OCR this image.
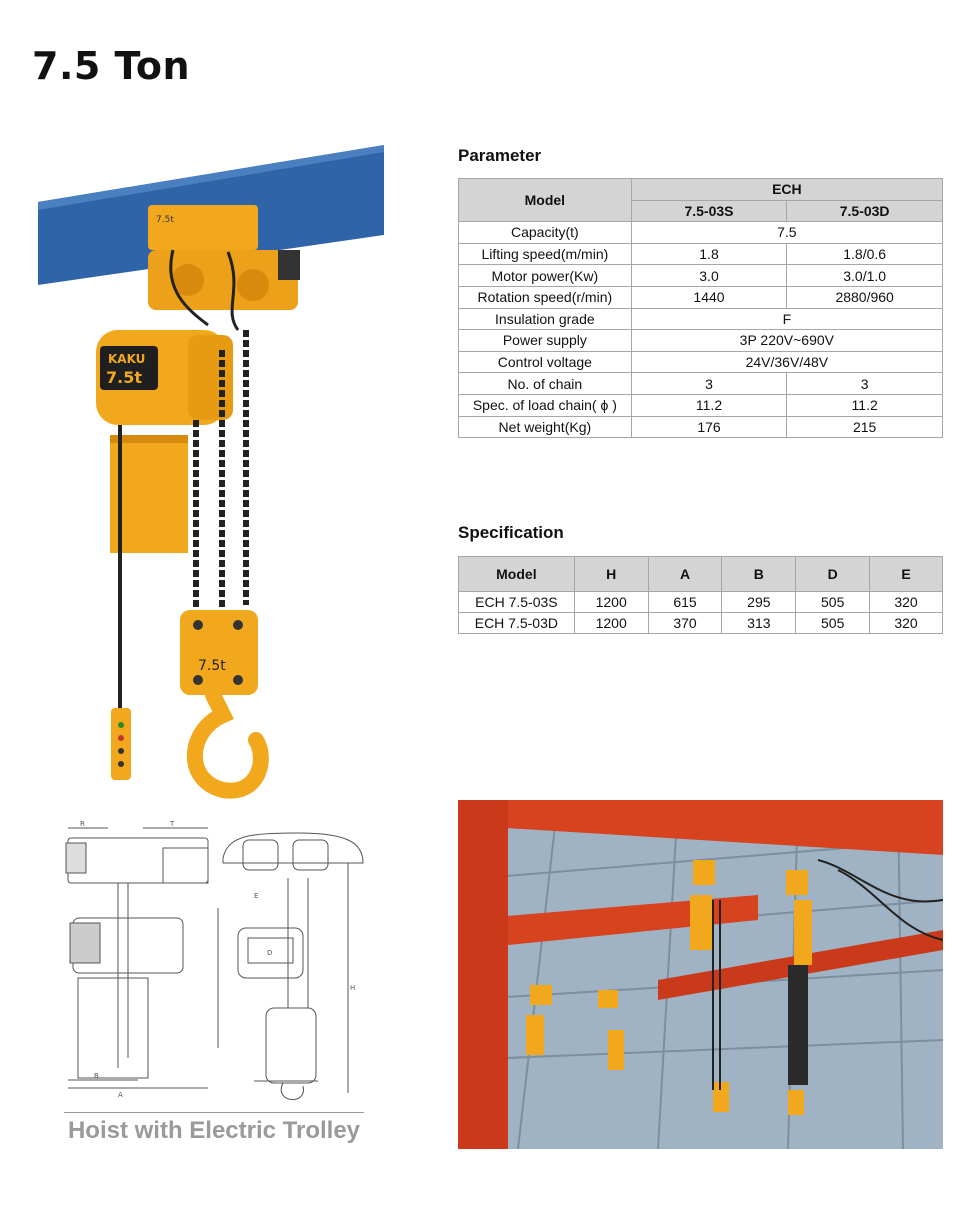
7.5 Ton
7.5t
KAKU
7.5t
7.5t
R	T
B
A
E
D
H
Hoist with Electric Trolley
Parameter
Model	ECH	
	7.5-03S	7.5-03D
Capacity(t)	7.5	
Lifting speed(m/min)	1.8	1.8/0.6
Motor power(Kw)	3.0	3.0/1.0
Rotation speed(r/min)	1440	2880/960
Insulation grade	F	
Power supply	3P 220V~690V	
Control voltage	24V/36V/48V	
No. of chain	3	3
Spec. of load chain( ϕ )	11.2	11.2
Net weight(Kg)	176	215
Specification
Model	H	A	B	D	E
ECH 7.5-03S	1200	615	295	505	320
ECH 7.5-03D	1200	370	313	505	320
